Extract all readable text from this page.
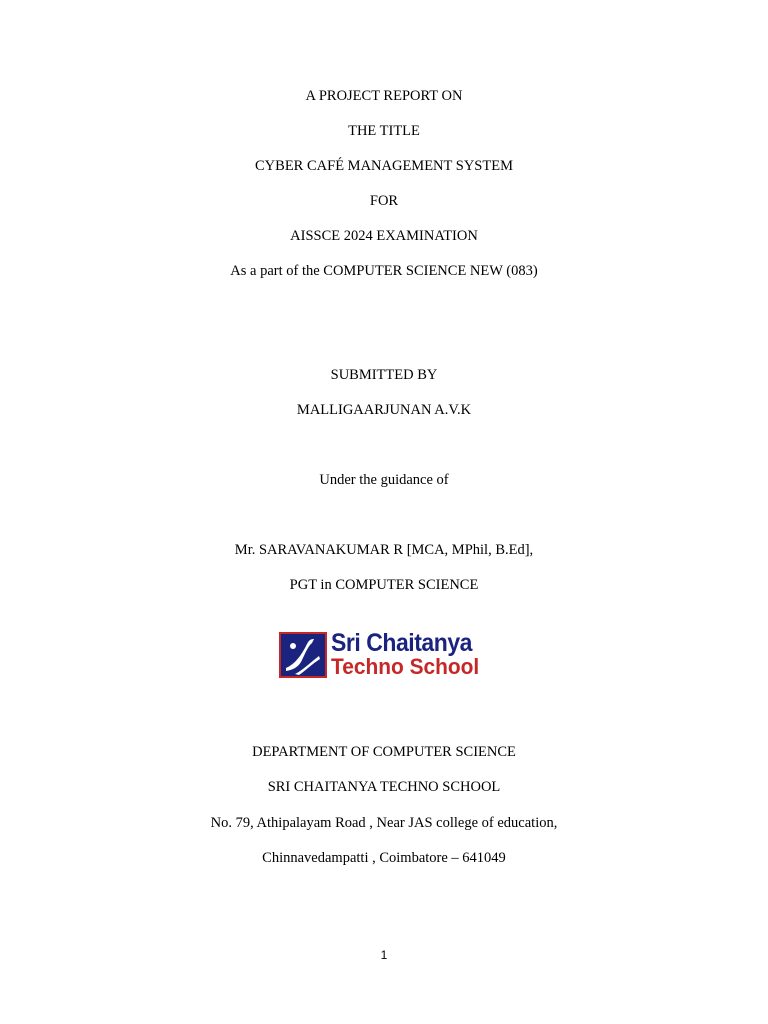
A PROJECT REPORT ON
THE TITLE
CYBER CAFÉ MANAGEMENT SYSTEM
FOR
AISSCE 2024 EXAMINATION
As a part of the COMPUTER SCIENCE NEW (083)
SUBMITTED BY
MALLIGAARJUNAN A.V.K
Under the guidance of
Mr. SARAVANAKUMAR R [MCA, MPhil, B.Ed],
PGT in COMPUTER SCIENCE
Sri Chaitanya
Techno School
DEPARTMENT OF COMPUTER SCIENCE
SRI CHAITANYA TECHNO SCHOOL
No. 79, Athipalayam Road , Near JAS college of education,
Chinnavedampatti , Coimbatore – 641049
1
